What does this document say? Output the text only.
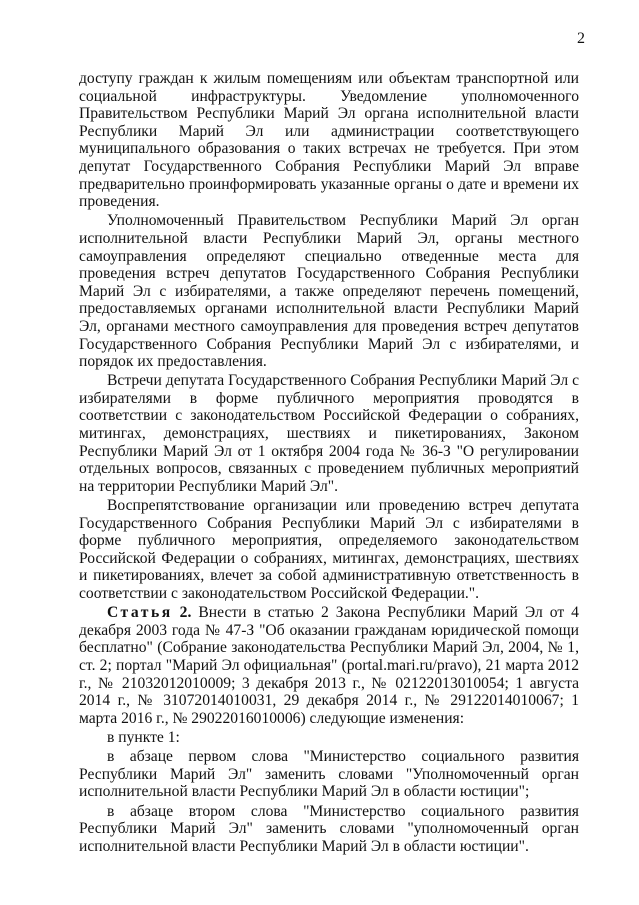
2

доступу граждан к жилым помещениям или объектам транспортной или социальной инфраструктуры. Уведомление уполномоченного Правительством Республики Марий Эл органа исполнительной власти Республики Марий Эл или администрации соответствующего муниципального образования о таких встречах не требуется. При этом депутат Государственного Собрания Республики Марий Эл вправе предварительно проинформировать указанные органы о дате и времени их проведения.

Уполномоченный Правительством Республики Марий Эл орган исполнительной власти Республики Марий Эл, органы местного самоуправления определяют специально отведенные места для проведения встреч депутатов Государственного Собрания Республики Марий Эл с избирателями, а также определяют перечень помещений, предоставляемых органами исполнительной власти Республики Марий Эл, органами местного самоуправления для проведения встреч депутатов Государственного Собрания Республики Марий Эл с избирателями, и порядок их предоставления.

Встречи депутата Государственного Собрания Республики Марий Эл с избирателями в форме публичного мероприятия проводятся в соответствии с законодательством Российской Федерации о собраниях, митингах, демонстрациях, шествиях и пикетированиях, Законом Республики Марий Эл от 1 октября 2004 года № 36-З "О регулировании отдельных вопросов, связанных с проведением публичных мероприятий на территории Республики Марий Эл".

Воспрепятствование организации или проведению встреч депутата Государственного Собрания Республики Марий Эл с избирателями в форме публичного мероприятия, определяемого законодательством Российской Федерации о собраниях, митингах, демонстрациях, шествиях и пикетированиях, влечет за собой административную ответственность в соответствии с законодательством Российской Федерации.".

Статья 2. Внести в статью 2 Закона Республики Марий Эл от 4 декабря 2003 года № 47-З "Об оказании гражданам юридической помощи бесплатно" (Собрание законодательства Республики Марий Эл, 2004, № 1, ст. 2; портал "Марий Эл официальная" (portal.mari.ru/pravo), 21 марта 2012 г., № 21032012010009; 3 декабря 2013 г., № 02122013010054; 1 августа 2014 г., № 31072014010031, 29 декабря 2014 г., № 29122014010067; 1 марта 2016 г., № 29022016010006) следующие изменения:

в пункте 1:

в абзаце первом слова "Министерство социального развития Республики Марий Эл" заменить словами "Уполномоченный орган исполнительной власти Республики Марий Эл в области юстиции";

в абзаце втором слова "Министерство социального развития Республики Марий Эл" заменить словами "уполномоченный орган исполнительной власти Республики Марий Эл в области юстиции".
